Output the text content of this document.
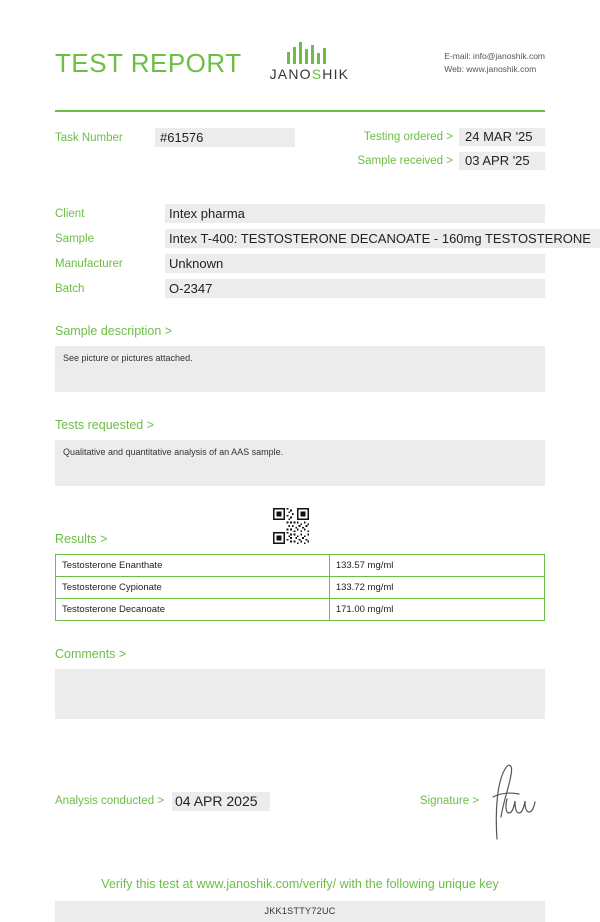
TEST REPORT JANOSHIK
E-mail: info@janoshik.com
Web: www.janoshik.com
Task Number	#61576	Testing ordered > 24 MAR '25
Sample received > 03 APR '25
Client	Intex pharma
Sample	Intex T-400: TESTOSTERONE DECANOATE - 160mg TESTOSTERONE
Manufacturer	Unknown
Batch	O-2347
Sample description >
See picture or pictures attached.
Tests requested >
Qualitative and quantitative analysis of an AAS sample.
Results >
Testosterone Enanthate	133.57 mg/ml
Testosterone Cypionate	133.72 mg/ml
Testosterone Decanoate	171.00 mg/ml
Comments >
Analysis conducted > 04 APR 2025	Signature >
Verify this test at www.janoshik.com/verify/ with the following unique key
JKK1STTY72UC
